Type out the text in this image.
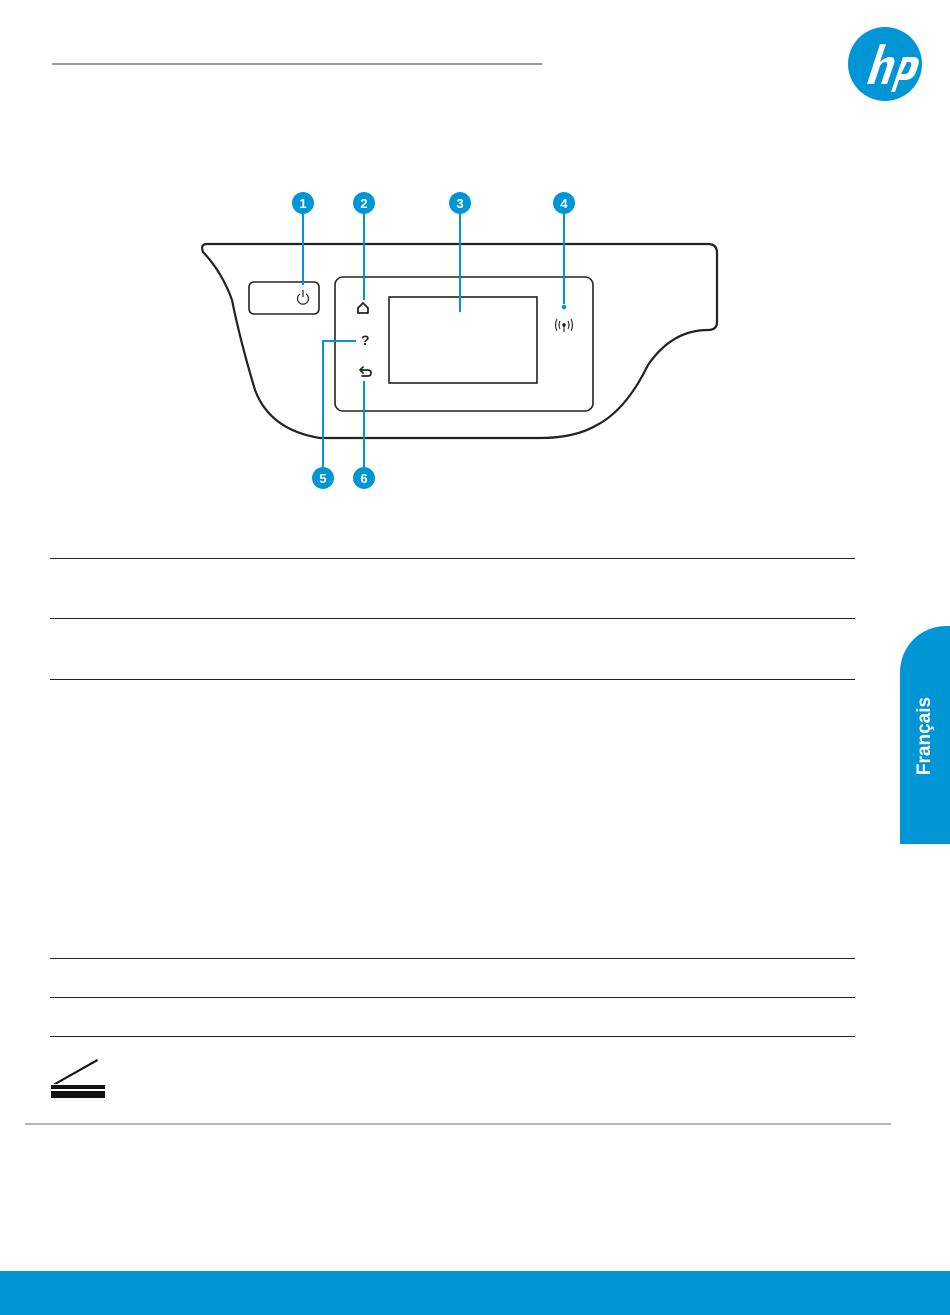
?
1	2	3	4
5	6
Français
